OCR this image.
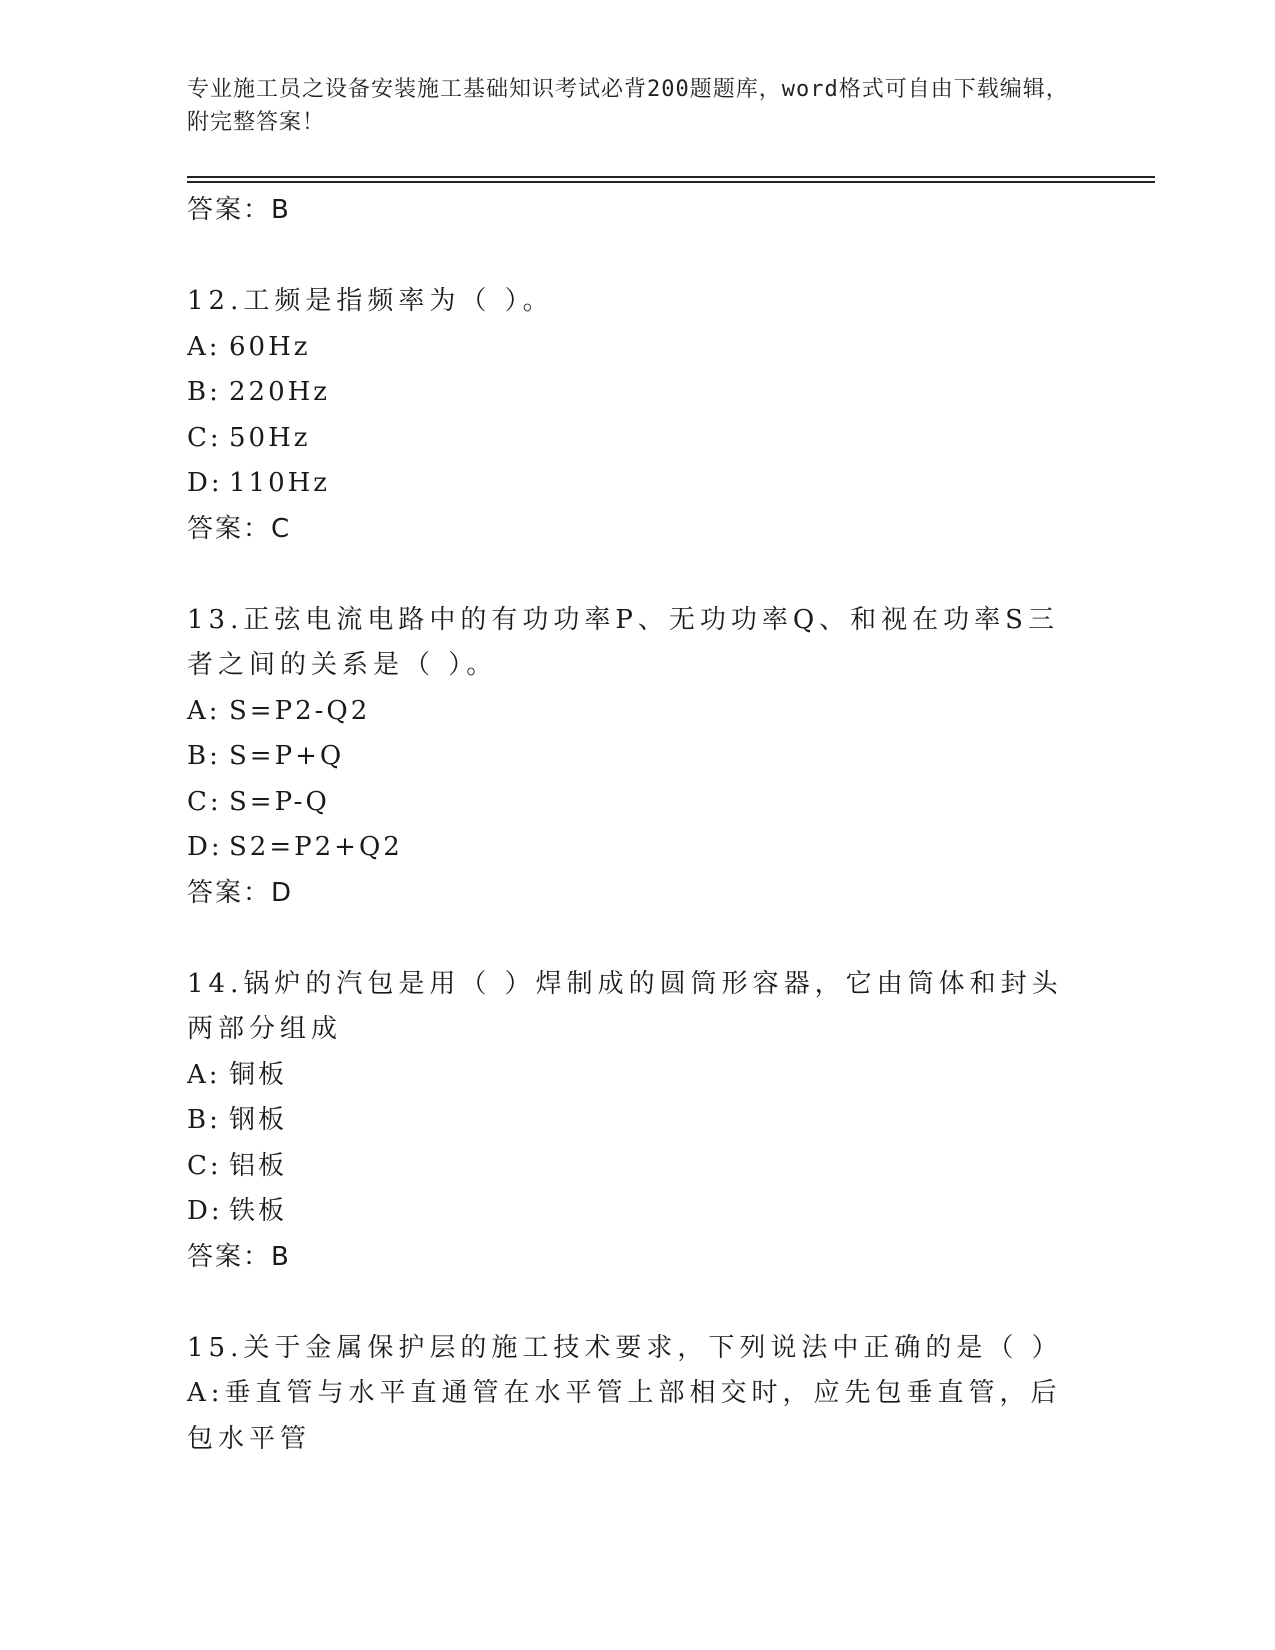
专业施工员之设备安装施工基础知识考试必背200题题库，word格式可自由下载编辑，附完整答案！
答案：B
12.工频是指频率为（ ）。
A: 60Hz
B: 220Hz
C: 50Hz
D: 110Hz
答案：C
13.正弦电流电路中的有功功率P、无功功率Q、和视在功率S三者之间的关系是（ ）。
A: S=P2-Q2
B: S=P+Q
C: S=P-Q
D: S2=P2+Q2
答案：D
14.锅炉的汽包是用（ ）焊制成的圆筒形容器，它由筒体和封头两部分组成
A: 铜板
B: 钢板
C: 铝板
D: 铁板
答案：B
15.关于金属保护层的施工技术要求，下列说法中正确的是（ ）
A:垂直管与水平直通管在水平管上部相交时，应先包垂直管，后包水平管
